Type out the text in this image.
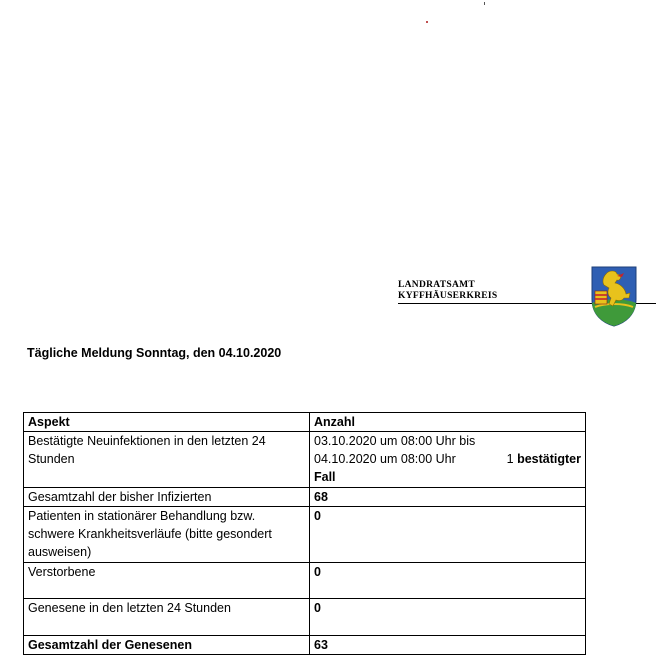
LANDRATSAMT
KYFFHÄUSERKREIS
Tägliche Meldung Sonntag, den 04.10.2020
Aspekt	Anzahl
Bestätigte Neuinfektionen in den letzten 24 Stunden	03.10.2020 um 08:00 Uhr bis
04.10.2020 um 08:00 Uhr 1 bestätigter
Fall

Gesamtzahl der bisher Infizierten	68
Patienten in stationärer Behandlung bzw. schwere Krankheitsverläufe (bitte gesondert ausweisen)	0
Verstorbene	0
Genesene in den letzten 24 Stunden	0
Gesamtzahl der Genesenen	63
